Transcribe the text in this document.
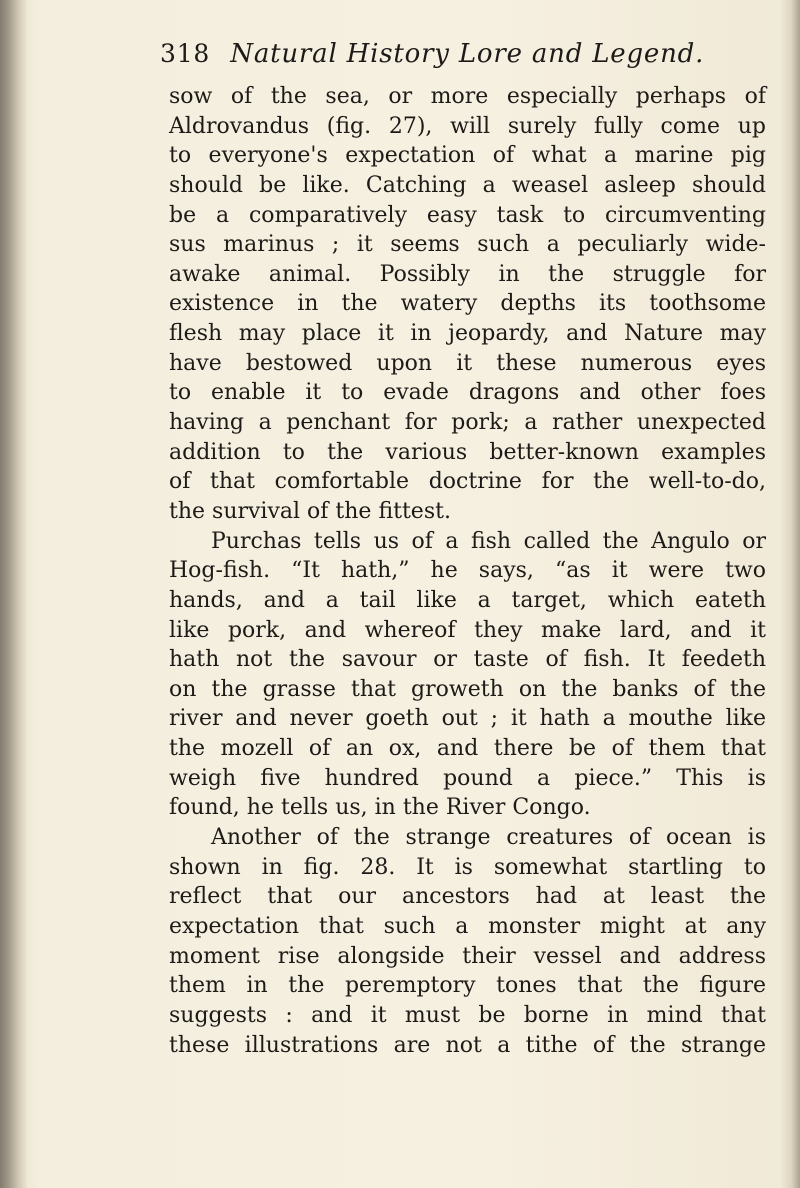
318 Natural History Lore and Legend.
sow of the sea, or more especially perhaps of
Aldrovandus (fig. 27), will surely fully come up
to everyone's expectation of what a marine pig
should be like. Catching a weasel asleep should
be a comparatively easy task to circumventing
sus marinus ; it seems such a peculiarly wide-
awake animal. Possibly in the struggle for
existence in the watery depths its toothsome
flesh may place it in jeopardy, and Nature may
have bestowed upon it these numerous eyes
to enable it to evade dragons and other foes
having a penchant for pork; a rather unexpected
addition to the various better-known examples
of that comfortable doctrine for the well-to-do,
the survival of the fittest.
Purchas tells us of a fish called the Angulo or
Hog-fish. “It hath,” he says, “as it were two
hands, and a tail like a target, which eateth
like pork, and whereof they make lard, and it
hath not the savour or taste of fish. It feedeth
on the grasse that groweth on the banks of the
river and never goeth out ; it hath a mouthe like
the mozell of an ox, and there be of them that
weigh five hundred pound a piece.” This is
found, he tells us, in the River Congo.
Another of the strange creatures of ocean is
shown in fig. 28. It is somewhat startling to
reflect that our ancestors had at least the
expectation that such a monster might at any
moment rise alongside their vessel and address
them in the peremptory tones that the figure
suggests : and it must be borne in mind that
these illustrations are not a tithe of the strange
